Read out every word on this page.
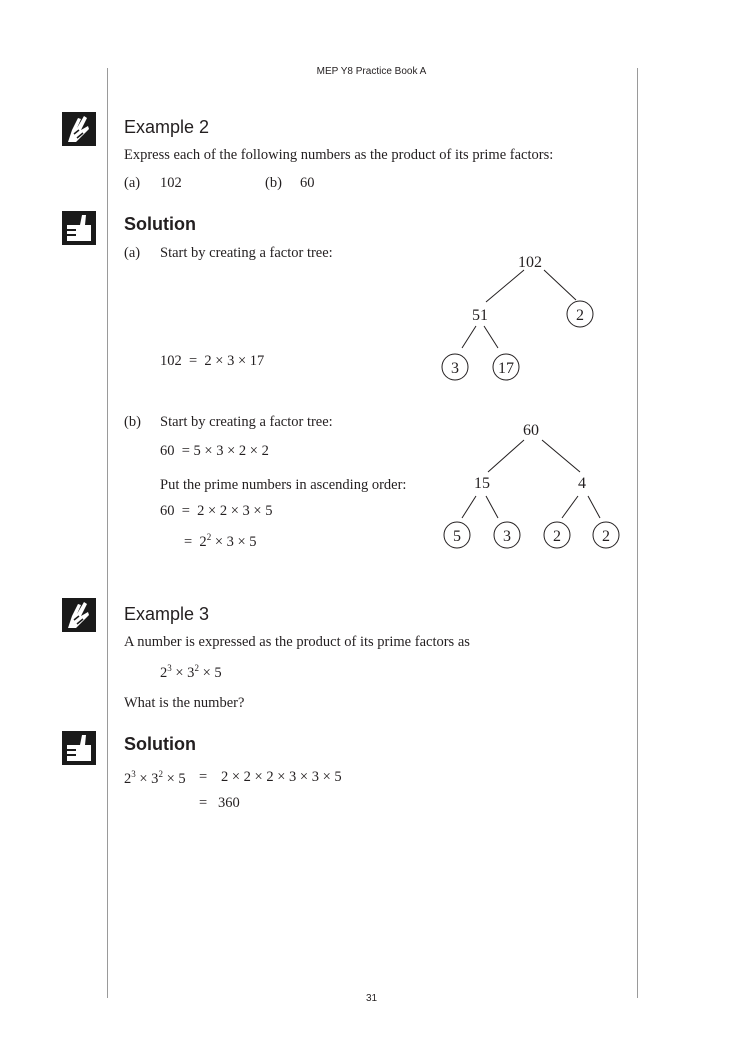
MEP Y8 Practice Book A
Example 2
Express each of the following numbers as the product of its prime factors:
(a) 102	(b) 60
Solution
(a) Start by creating a factor tree:
102  =  2 × 3 × 17
102
51	2
3 17
(b) Start by creating a factor tree:
60  = 5 × 3 × 2 × 2
Put the prime numbers in ascending order:
60  =  2 × 2 × 3 × 5
=  $2^2 \times 3 \times 5$
60
15	4
5	3	2	2
Example 3
A number is expressed as the product of its prime factors as
$2^3 \times 3^2 \times 5$
What is the number?
Solution
$2^3 \times 3^2 \times 5 = 2 \times 2 \times 2 \times 3 \times 3 \times 5$
=   360
31
